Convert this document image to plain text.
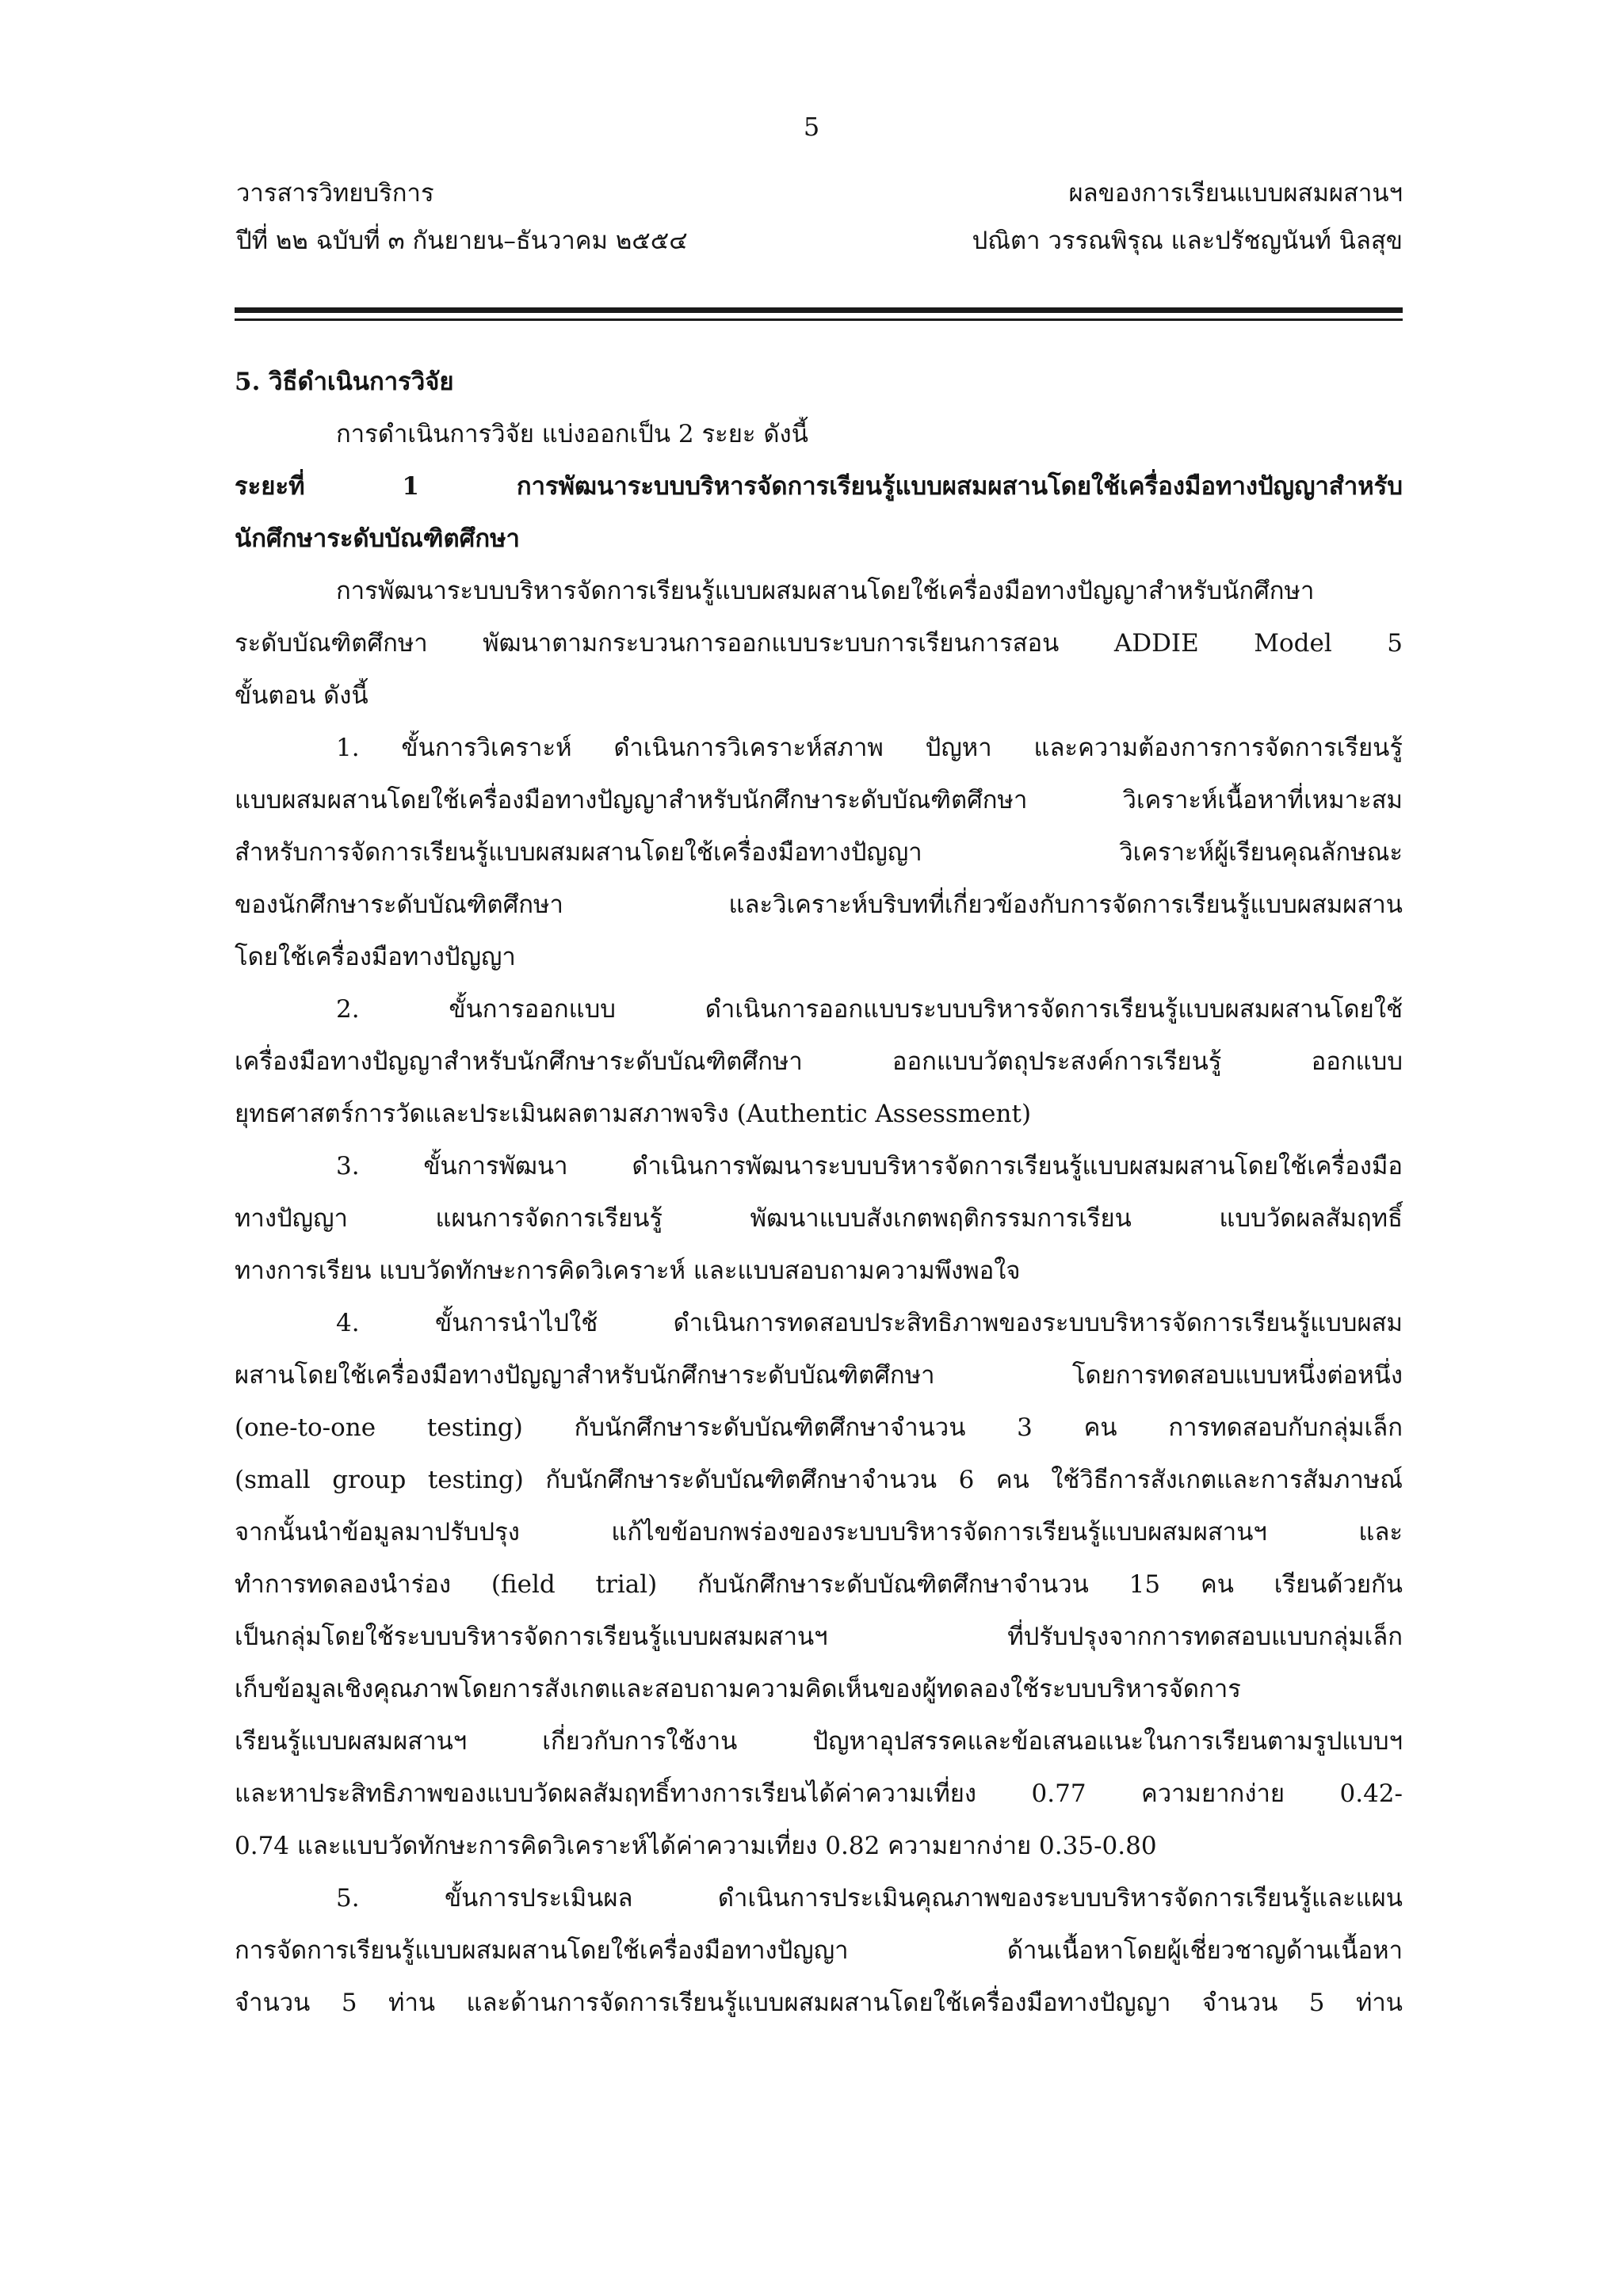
5
วารสารวิทยบริการ
ปีที่ ๒๒ ฉบับที่ ๓ กันยายน–ธันวาคม ๒๕๕๔
ผลของการเรียนแบบผสมผสานฯ
ปณิตา วรรณพิรุณ และปรัชญนันท์ นิลสุข
5. วิธีดำเนินการวิจัย
การดำเนินการวิจัย แบ่งออกเป็น 2 ระยะ ดังนี้
ระยะที่ 1 การพัฒนาระบบบริหารจัดการเรียนรู้แบบผสมผสานโดยใช้เครื่องมือทางปัญญาสำหรับ
นักศึกษาระดับบัณฑิตศึกษา
การพัฒนาระบบบริหารจัดการเรียนรู้แบบผสมผสานโดยใช้เครื่องมือทางปัญญาสำหรับนักศึกษา
ระดับบัณฑิตศึกษา พัฒนาตามกระบวนการออกแบบระบบการเรียนการสอน ADDIE Model 5
ขั้นตอน ดังนี้
1. ขั้นการวิเคราะห์ ดำเนินการวิเคราะห์สภาพ ปัญหา และความต้องการการจัดการเรียนรู้
แบบผสมผสานโดยใช้เครื่องมือทางปัญญาสำหรับนักศึกษาระดับบัณฑิตศึกษา วิเคราะห์เนื้อหาที่เหมาะสม
สำหรับการจัดการเรียนรู้แบบผสมผสานโดยใช้เครื่องมือทางปัญญา วิเคราะห์ผู้เรียนคุณลักษณะ
ของนักศึกษาระดับบัณฑิตศึกษา และวิเคราะห์บริบทที่เกี่ยวข้องกับการจัดการเรียนรู้แบบผสมผสาน
โดยใช้เครื่องมือทางปัญญา
2. ขั้นการออกแบบ ดำเนินการออกแบบระบบบริหารจัดการเรียนรู้แบบผสมผสานโดยใช้
เครื่องมือทางปัญญาสำหรับนักศึกษาระดับบัณฑิตศึกษา ออกแบบวัตถุประสงค์การเรียนรู้ ออกแบบ
ยุทธศาสตร์การวัดและประเมินผลตามสภาพจริง (Authentic Assessment)
3. ขั้นการพัฒนา ดำเนินการพัฒนาระบบบริหารจัดการเรียนรู้แบบผสมผสานโดยใช้เครื่องมือ
ทางปัญญา แผนการจัดการเรียนรู้ พัฒนาแบบสังเกตพฤติกรรมการเรียน แบบวัดผลสัมฤทธิ์
ทางการเรียน แบบวัดทักษะการคิดวิเคราะห์ และแบบสอบถามความพึงพอใจ
4. ขั้นการนำไปใช้ ดำเนินการทดสอบประสิทธิภาพของระบบบริหารจัดการเรียนรู้แบบผสม
ผสานโดยใช้เครื่องมือทางปัญญาสำหรับนักศึกษาระดับบัณฑิตศึกษา โดยการทดสอบแบบหนึ่งต่อหนึ่ง
(one-to-one testing) กับนักศึกษาระดับบัณฑิตศึกษาจำนวน 3 คน การทดสอบกับกลุ่มเล็ก
(small group testing) กับนักศึกษาระดับบัณฑิตศึกษาจำนวน 6 คน ใช้วิธีการสังเกตและการสัมภาษณ์
จากนั้นนำข้อมูลมาปรับปรุง แก้ไขข้อบกพร่องของระบบบริหารจัดการเรียนรู้แบบผสมผสานฯ และ
ทำการทดลองนำร่อง (field trial) กับนักศึกษาระดับบัณฑิตศึกษาจำนวน 15 คน เรียนด้วยกัน
เป็นกลุ่มโดยใช้ระบบบริหารจัดการเรียนรู้แบบผสมผสานฯ ที่ปรับปรุงจากการทดสอบแบบกลุ่มเล็ก
เก็บข้อมูลเชิงคุณภาพโดยการสังเกตและสอบถามความคิดเห็นของผู้ทดลองใช้ระบบบริหารจัดการ
เรียนรู้แบบผสมผสานฯ เกี่ยวกับการใช้งาน ปัญหาอุปสรรคและข้อเสนอแนะในการเรียนตามรูปแบบฯ
และหาประสิทธิภาพของแบบวัดผลสัมฤทธิ์ทางการเรียนได้ค่าความเที่ยง 0.77 ความยากง่าย 0.42-
0.74 และแบบวัดทักษะการคิดวิเคราะห์ได้ค่าความเที่ยง 0.82 ความยากง่าย 0.35-0.80
5. ขั้นการประเมินผล ดำเนินการประเมินคุณภาพของระบบบริหารจัดการเรียนรู้และแผน
การจัดการเรียนรู้แบบผสมผสานโดยใช้เครื่องมือทางปัญญา ด้านเนื้อหาโดยผู้เชี่ยวชาญด้านเนื้อหา
จำนวน 5 ท่าน และด้านการจัดการเรียนรู้แบบผสมผสานโดยใช้เครื่องมือทางปัญญา จำนวน 5 ท่าน
